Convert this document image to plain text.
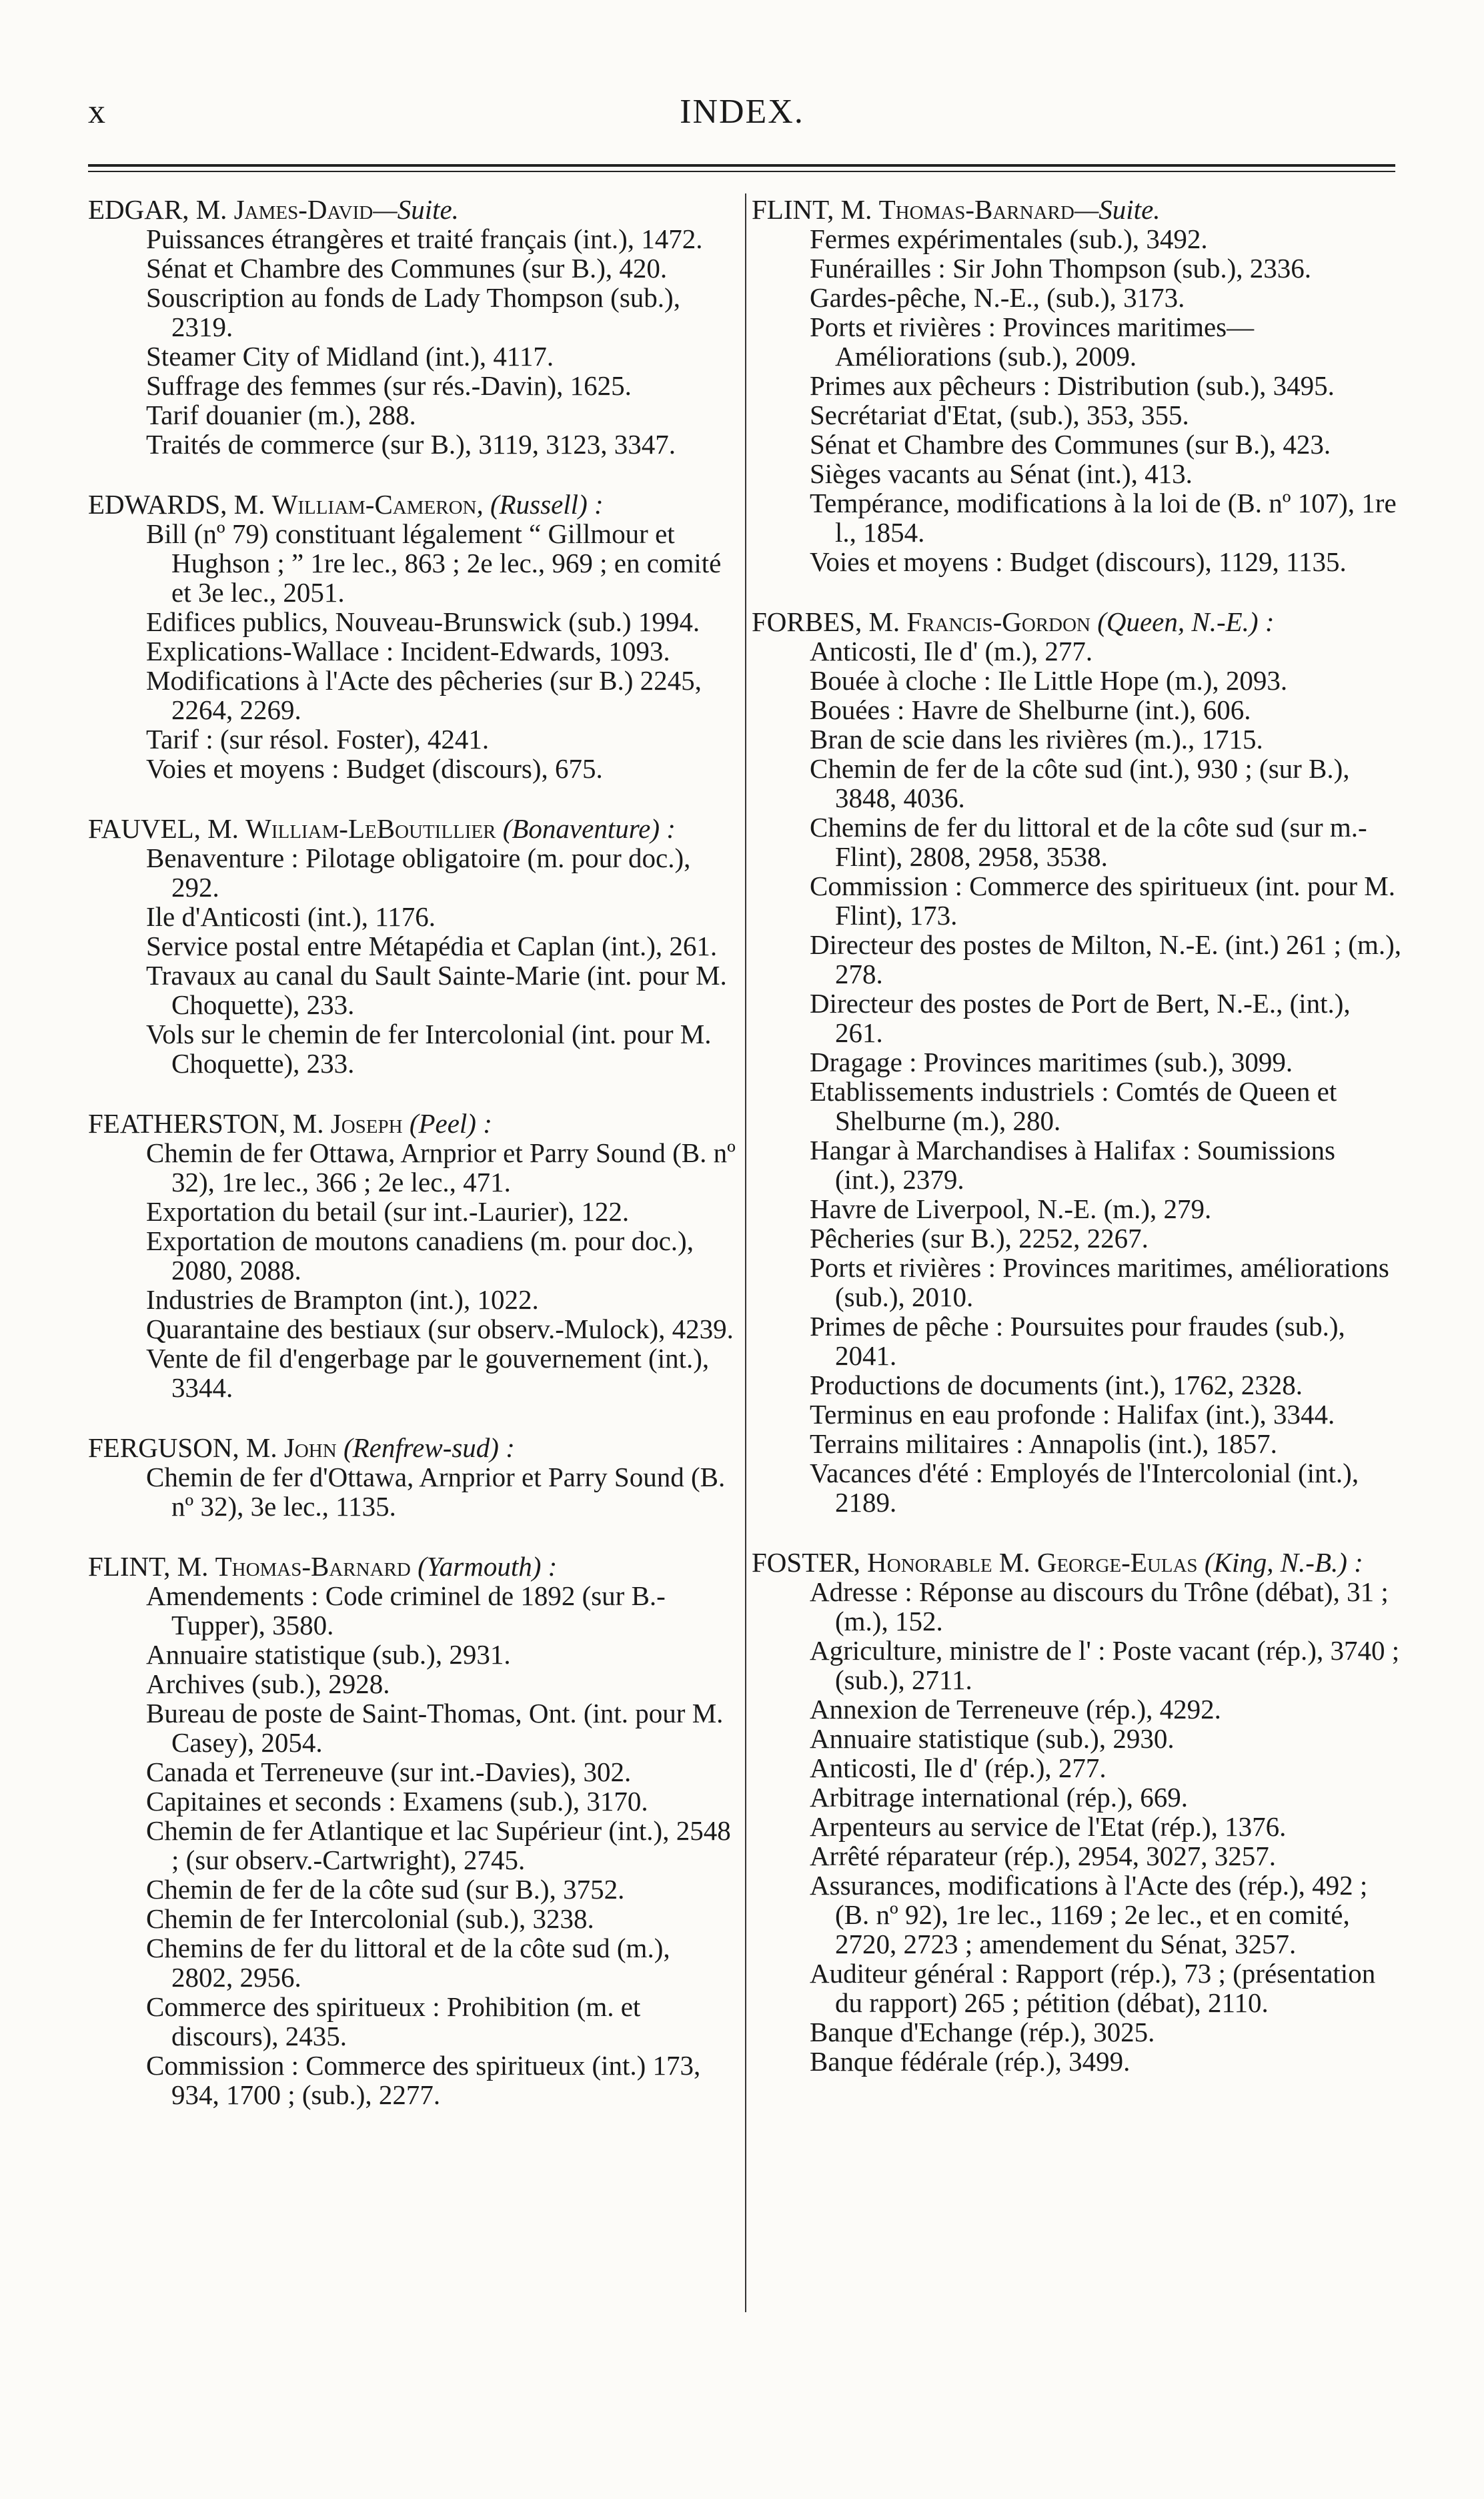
x	INDEX.

EDGAR, M. James-David—Suite.

Puissances étrangères et traité français (int.), 1472.

Sénat et Chambre des Communes (sur B.), 420.

Souscription au fonds de Lady Thompson (sub.), 2319.

Steamer City of Midland (int.), 4117.

Suffrage des femmes (sur rés.-Davin), 1625.

Tarif douanier (m.), 288.

Traités de commerce (sur B.), 3119, 3123, 3347.

EDWARDS, M. William-Cameron, (Russell) :

Bill (nº 79) constituant légalement “ Gillmour et Hughson ; ” 1re lec., 863 ; 2e lec., 969 ; en comité et 3e lec., 2051.

Edifices publics, Nouveau-Brunswick (sub.) 1994.

Explications-Wallace : Incident-Edwards, 1093.

Modifications à l'Acte des pêcheries (sur B.) 2245, 2264, 2269.

Tarif : (sur résol. Foster), 4241.

Voies et moyens : Budget (discours), 675.

FAUVEL, M. William-LeBoutillier (Bonaventure) :

Benaventure : Pilotage obligatoire (m. pour doc.), 292.

Ile d'Anticosti (int.), 1176.

Service postal entre Métapédia et Caplan (int.), 261.

Travaux au canal du Sault Sainte-Marie (int. pour M. Choquette), 233.

Vols sur le chemin de fer Intercolonial (int. pour M. Choquette), 233.

FEATHERSTON, M. Joseph (Peel) :

Chemin de fer Ottawa, Arnprior et Parry Sound (B. nº 32), 1re lec., 366 ; 2e lec., 471.

Exportation du betail (sur int.-Laurier), 122.

Exportation de moutons canadiens (m. pour doc.), 2080, 2088.

Industries de Brampton (int.), 1022.

Quarantaine des bestiaux (sur observ.-Mulock), 4239.

Vente de fil d'engerbage par le gouvernement (int.), 3344.

FERGUSON, M. John (Renfrew-sud) :

Chemin de fer d'Ottawa, Arnprior et Parry Sound (B. nº 32), 3e lec., 1135.

FLINT, M. Thomas-Barnard (Yarmouth) :

Amendements : Code criminel de 1892 (sur B.-Tupper), 3580.

Annuaire statistique (sub.), 2931.

Archives (sub.), 2928.

Bureau de poste de Saint-Thomas, Ont. (int. pour M. Casey), 2054.

Canada et Terreneuve (sur int.-Davies), 302.

Capitaines et seconds : Examens (sub.), 3170.

Chemin de fer Atlantique et lac Supérieur (int.), 2548 ; (sur observ.-Cartwright), 2745.

Chemin de fer de la côte sud (sur B.), 3752.

Chemin de fer Intercolonial (sub.), 3238.

Chemins de fer du littoral et de la côte sud (m.), 2802, 2956.

Commerce des spiritueux : Prohibition (m. et discours), 2435.

Commission : Commerce des spiritueux (int.) 173, 934, 1700 ; (sub.), 2277.

FLINT, M. Thomas-Barnard—Suite.

Fermes expérimentales (sub.), 3492.

Funérailles : Sir John Thompson (sub.), 2336.

Gardes-pêche, N.-E., (sub.), 3173.

Ports et rivières : Provinces maritimes—Améliorations (sub.), 2009.

Primes aux pêcheurs : Distribution (sub.), 3495.

Secrétariat d'Etat, (sub.), 353, 355.

Sénat et Chambre des Communes (sur B.), 423.

Sièges vacants au Sénat (int.), 413.

Tempérance, modifications à la loi de (B. nº 107), 1re l., 1854.

Voies et moyens : Budget (discours), 1129, 1135.

FORBES, M. Francis-Gordon (Queen, N.-E.) :

Anticosti, Ile d' (m.), 277.

Bouée à cloche : Ile Little Hope (m.), 2093.

Bouées : Havre de Shelburne (int.), 606.

Bran de scie dans les rivières (m.)., 1715.

Chemin de fer de la côte sud (int.), 930 ; (sur B.), 3848, 4036.

Chemins de fer du littoral et de la côte sud (sur m.-Flint), 2808, 2958, 3538.

Commission : Commerce des spiritueux (int. pour M. Flint), 173.

Directeur des postes de Milton, N.-E. (int.) 261 ; (m.), 278.

Directeur des postes de Port de Bert, N.-E., (int.), 261.

Dragage : Provinces maritimes (sub.), 3099.

Etablissements industriels : Comtés de Queen et Shelburne (m.), 280.

Hangar à Marchandises à Halifax : Soumissions (int.), 2379.

Havre de Liverpool, N.-E. (m.), 279.

Pêcheries (sur B.), 2252, 2267.

Ports et rivières : Provinces maritimes, améliorations (sub.), 2010.

Primes de pêche : Poursuites pour fraudes (sub.), 2041.

Productions de documents (int.), 1762, 2328.

Terminus en eau profonde : Halifax (int.), 3344.

Terrains militaires : Annapolis (int.), 1857.

Vacances d'été : Employés de l'Intercolonial (int.), 2189.

FOSTER, Honorable M. George-Eulas (King, N.-B.) :

Adresse : Réponse au discours du Trône (débat), 31 ; (m.), 152.

Agriculture, ministre de l' : Poste vacant (rép.), 3740 ; (sub.), 2711.

Annexion de Terreneuve (rép.), 4292.

Annuaire statistique (sub.), 2930.

Anticosti, Ile d' (rép.), 277.

Arbitrage international (rép.), 669.

Arpenteurs au service de l'Etat (rép.), 1376.

Arrêté réparateur (rép.), 2954, 3027, 3257.

Assurances, modifications à l'Acte des (rép.), 492 ; (B. nº 92), 1re lec., 1169 ; 2e lec., et en comité, 2720, 2723 ; amendement du Sénat, 3257.

Auditeur général : Rapport (rép.), 73 ; (présentation du rapport) 265 ; pétition (débat), 2110.

Banque d'Echange (rép.), 3025.

Banque fédérale (rép.), 3499.
